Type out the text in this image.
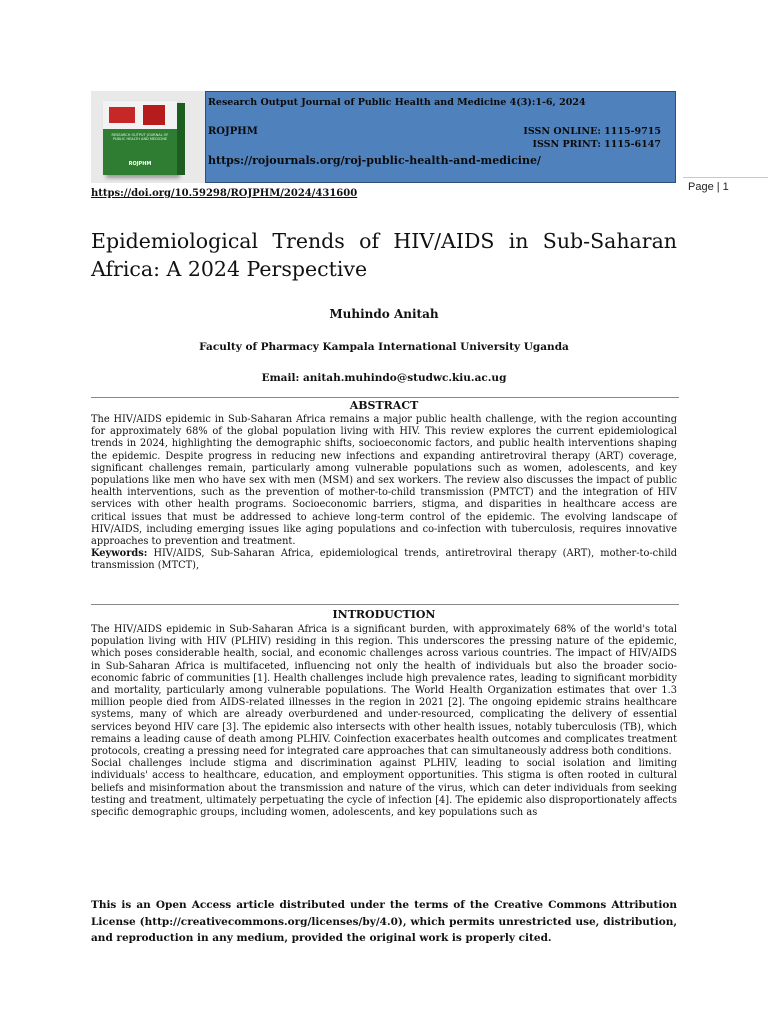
RESEARCH OUTPUT JOURNAL OF PUBLIC HEALTH AND MEDICINE
ROJPHM
Research Output Journal of Public Health and Medicine 4(3):1-6, 2024
ROJPHM	ISSN ONLINE: 1115-9715
ISSN PRINT: 1115-6147
https://rojournals.org/roj-public-health-and-medicine/
Page | 1
https://doi.org/10.59298/ROJPHM/2024/431600
Epidemiological Trends of HIV/AIDS in Sub-Saharan Africa: A 2024 Perspective
Muhindo Anitah
Faculty of Pharmacy Kampala International University Uganda
Email: anitah.muhindo@studwc.kiu.ac.ug
ABSTRACT
The HIV/AIDS epidemic in Sub-Saharan Africa remains a major public health challenge, with the region accounting for approximately 68% of the global population living with HIV. This review explores the current epidemiological trends in 2024, highlighting the demographic shifts, socioeconomic factors, and public health interventions shaping the epidemic. Despite progress in reducing new infections and expanding antiretroviral therapy (ART) coverage, significant challenges remain, particularly among vulnerable populations such as women, adolescents, and key populations like men who have sex with men (MSM) and sex workers. The review also discusses the impact of public health interventions, such as the prevention of mother-to-child transmission (PMTCT) and the integration of HIV services with other health programs. Socioeconomic barriers, stigma, and disparities in healthcare access are critical issues that must be addressed to achieve long-term control of the epidemic. The evolving landscape of HIV/AIDS, including emerging issues like aging populations and co-infection with tuberculosis, requires innovative approaches to prevention and treatment.
Keywords: HIV/AIDS, Sub-Saharan Africa, epidemiological trends, antiretroviral therapy (ART), mother-to-child transmission (MTCT),
INTRODUCTION
The HIV/AIDS epidemic in Sub-Saharan Africa is a significant burden, with approximately 68% of the world's total population living with HIV (PLHIV) residing in this region. This underscores the pressing nature of the epidemic, which poses considerable health, social, and economic challenges across various countries. The impact of HIV/AIDS in Sub-Saharan Africa is multifaceted, influencing not only the health of individuals but also the broader socio-economic fabric of communities [1]. Health challenges include high prevalence rates, leading to significant morbidity and mortality, particularly among vulnerable populations. The World Health Organization estimates that over 1.3 million people died from AIDS-related illnesses in the region in 2021 [2]. The ongoing epidemic strains healthcare systems, many of which are already overburdened and under-resourced, complicating the delivery of essential services beyond HIV care [3]. The epidemic also intersects with other health issues, notably tuberculosis (TB), which remains a leading cause of death among PLHIV. Coinfection exacerbates health outcomes and complicates treatment protocols, creating a pressing need for integrated care approaches that can simultaneously address both conditions.
Social challenges include stigma and discrimination against PLHIV, leading to social isolation and limiting individuals' access to healthcare, education, and employment opportunities. This stigma is often rooted in cultural beliefs and misinformation about the transmission and nature of the virus, which can deter individuals from seeking testing and treatment, ultimately perpetuating the cycle of infection [4]. The epidemic also disproportionately affects specific demographic groups, including women, adolescents, and key populations such as
This is an Open Access article distributed under the terms of the Creative Commons Attribution License (http://creativecommons.org/licenses/by/4.0), which permits unrestricted use, distribution, and reproduction in any medium, provided the original work is properly cited.
